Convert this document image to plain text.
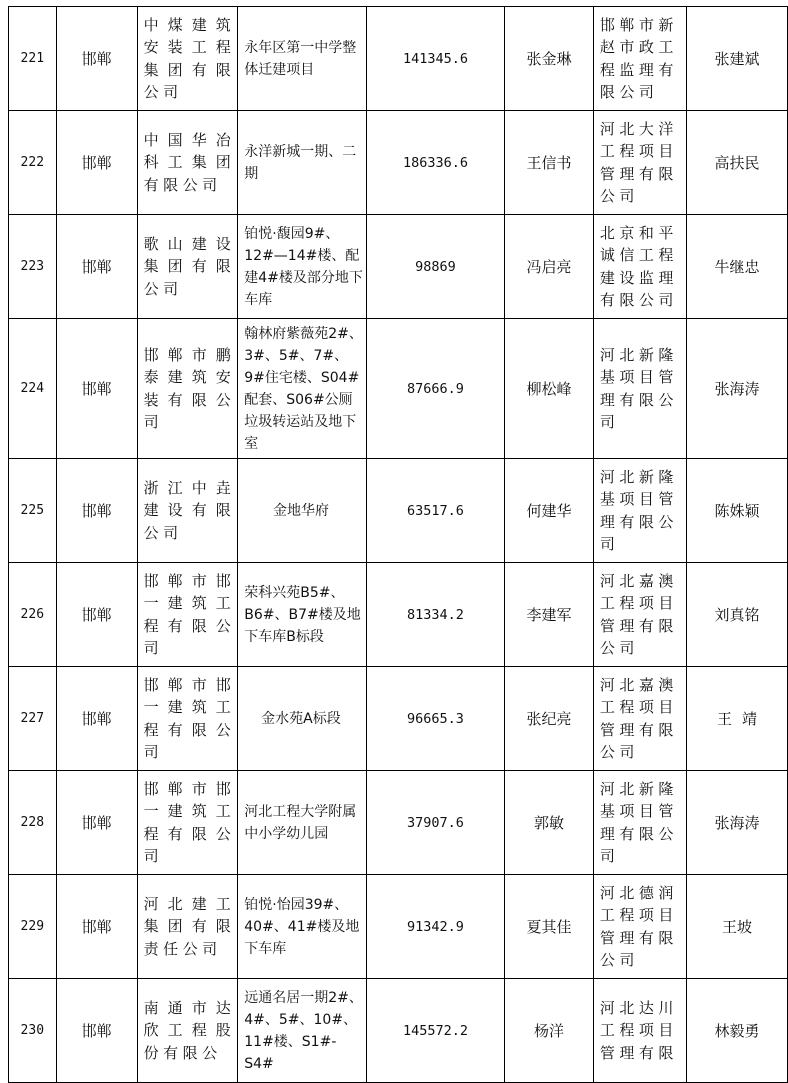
221	邯郸	中煤建筑安装工程集团有限公司	永年区第一中学整体迁建项目	141345.6	张金琳	邯郸市新赵市政工程监理有限公司	张建斌
222	邯郸	中国华冶科工集团有限公司	永洋新城一期、二期	186336.6	王信书	河北大洋工程项目管理有限公司	高扶民
223	邯郸	歌山建设集团有限公司	铂悦·馥园9#、12#—14#楼、配建4#楼及部分地下车库	98869	冯启亮	北京和平诚信工程建设监理有限公司	牛继忠
224	邯郸	邯郸市鹏泰建筑安装有限公司	翰林府紫薇苑2#、3#、5#、7#、9#住宅楼、S04#配套、S06#公厕垃圾转运站及地下室	87666.9	柳松峰	河北新隆基项目管理有限公司	张海涛
225	邯郸	浙江中垚建设有限公司	金地华府	63517.6	何建华	河北新隆基项目管理有限公司	陈姝颖
226	邯郸	邯郸市邯一建筑工程有限公司	荣科兴苑B5#、B6#、B7#楼及地下车库B标段	81334.2	李建军	河北嘉澳工程项目管理有限公司	刘真铭
227	邯郸	邯郸市邯一建筑工程有限公司	金水苑A标段	96665.3	张纪亮	河北嘉澳工程项目管理有限公司	王靖
228	邯郸	邯郸市邯一建筑工程有限公司	河北工程大学附属中小学幼儿园	37907.6	郭敏	河北新隆基项目管理有限公司	张海涛
229	邯郸	河北建工集团有限责任公司	铂悦·怡园39#、40#、41#楼及地下车库	91342.9	夏其佳	河北德润工程项目管理有限公司	王坡
230	邯郸	南通市达欣工程股份有限公	远通名居一期2#、4#、5#、10#、11#楼、S1#-S4#	145572.2	杨洋	河北达川工程项目管理有限	林毅勇
